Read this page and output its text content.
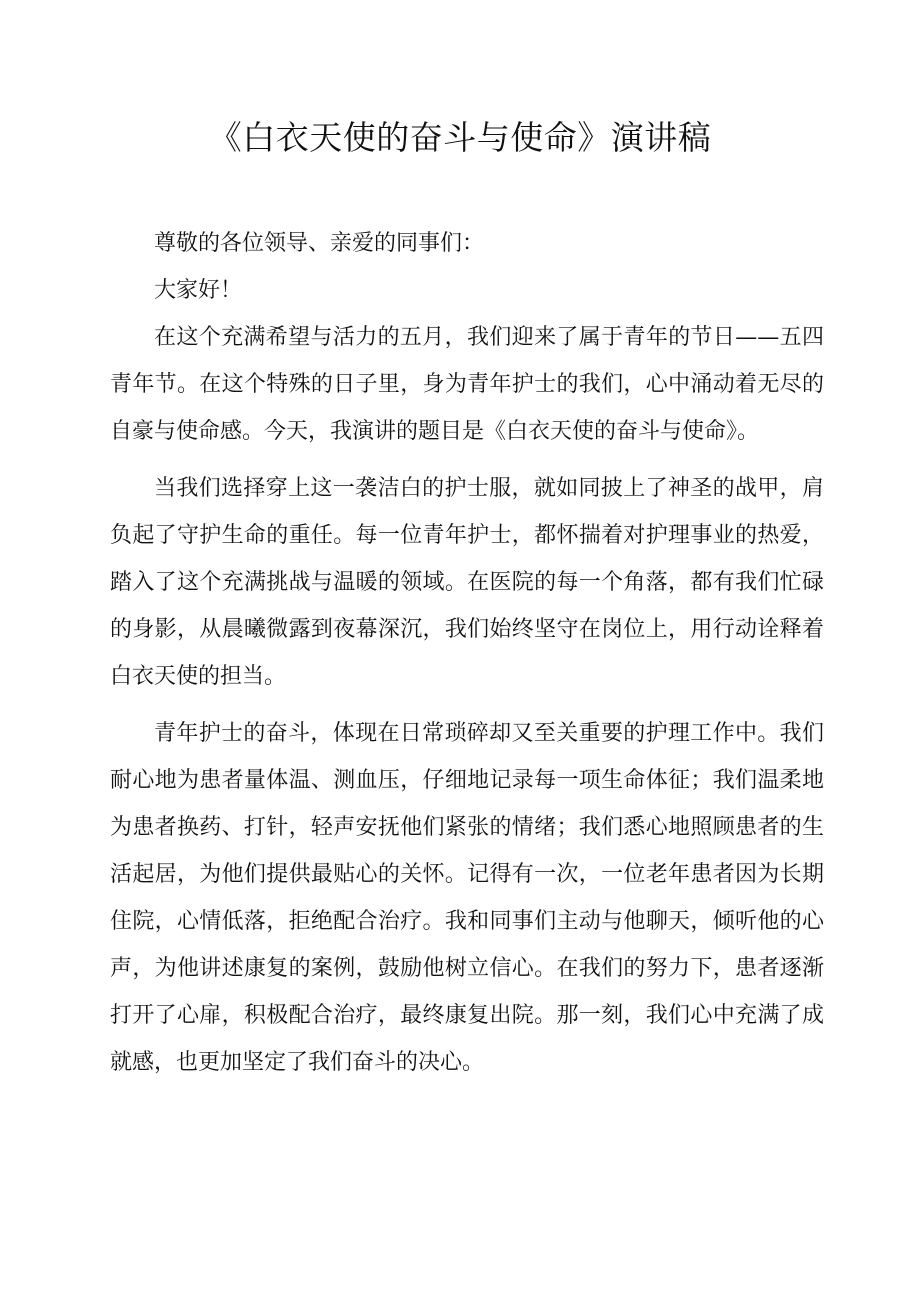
《白衣天使的奋斗与使命》演讲稿

尊敬的各位领导、亲爱的同事们：

大家好！

在这个充满希望与活力的五月，我们迎来了属于青年的节日——五四青年节。在这个特殊的日子里，身为青年护士的我们，心中涌动着无尽的自豪与使命感。今天，我演讲的题目是《白衣天使的奋斗与使命》。

当我们选择穿上这一袭洁白的护士服，就如同披上了神圣的战甲，肩负起了守护生命的重任。每一位青年护士，都怀揣着对护理事业的热爱，踏入了这个充满挑战与温暖的领域。在医院的每一个角落，都有我们忙碌的身影，从晨曦微露到夜幕深沉，我们始终坚守在岗位上，用行动诠释着白衣天使的担当。

青年护士的奋斗，体现在日常琐碎却又至关重要的护理工作中。我们耐心地为患者量体温、测血压，仔细地记录每一项生命体征；我们温柔地为患者换药、打针，轻声安抚他们紧张的情绪；我们悉心地照顾患者的生活起居，为他们提供最贴心的关怀。记得有一次，一位老年患者因为长期住院，心情低落，拒绝配合治疗。我和同事们主动与他聊天，倾听他的心声，为他讲述康复的案例，鼓励他树立信心。在我们的努力下，患者逐渐打开了心扉，积极配合治疗，最终康复出院。那一刻，我们心中充满了成就感，也更加坚定了我们奋斗的决心。
